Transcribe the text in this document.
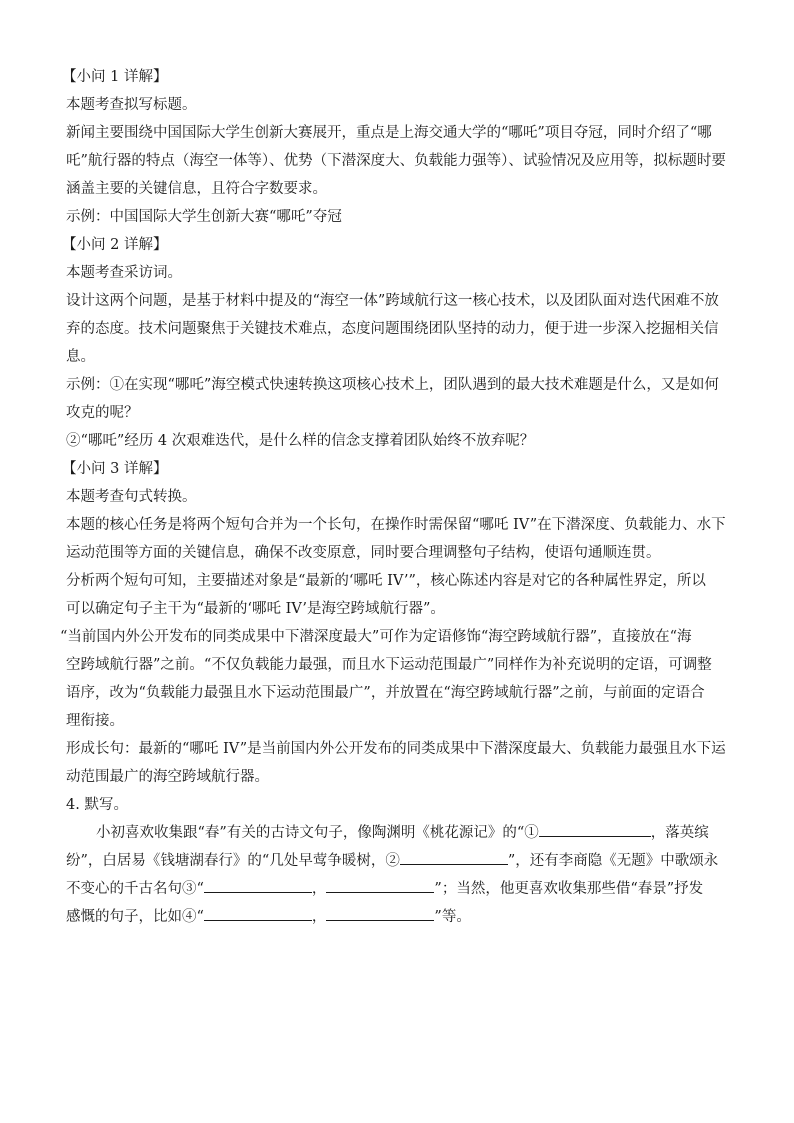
【小问 1 详解】
本题考查拟写标题。
新闻主要围绕中国国际大学生创新大赛展开，重点是上海交通大学的“哪吒”项目夺冠，同时介绍了“哪
吒”航行器的特点（海空一体等）、优势（下潜深度大、负载能力强等）、试验情况及应用等，拟标题时要
涵盖主要的关键信息，且符合字数要求。
示例：中国国际大学生创新大赛“哪吒”夺冠
【小问 2 详解】
本题考查采访词。
设计这两个问题，是基于材料中提及的“海空一体”跨域航行这一核心技术，以及团队面对迭代困难不放
弃的态度。技术问题聚焦于关键技术难点，态度问题围绕团队坚持的动力，便于进一步深入挖掘相关信
息。
示例：①在实现“哪吒”海空模式快速转换这项核心技术上，团队遇到的最大技术难题是什么，又是如何
攻克的呢？
②“哪吒”经历 4 次艰难迭代，是什么样的信念支撑着团队始终不放弃呢？
【小问 3 详解】
本题考查句式转换。
本题的核心任务是将两个短句合并为一个长句，在操作时需保留“哪吒 IV”在下潜深度、负载能力、水下
运动范围等方面的关键信息，确保不改变原意，同时要合理调整句子结构，使语句通顺连贯。
分析两个短句可知，主要描述对象是“最新的‘哪吒 IV’”，核心陈述内容是对它的各种属性界定，所以
可以确定句子主干为“最新的‘哪吒 IV’是海空跨域航行器”。
“当前国内外公开发布的同类成果中下潜深度最大”可作为定语修饰“海空跨域航行器”，直接放在“海
空跨域航行器”之前。“不仅负载能力最强，而且水下运动范围最广”同样作为补充说明的定语，可调整
语序，改为“负载能力最强且水下运动范围最广”，并放置在“海空跨域航行器”之前，与前面的定语合
理衔接。
形成长句：最新的“哪吒 IV”是当前国内外公开发布的同类成果中下潜深度最大、负载能力最强且水下运
动范围最广的海空跨域航行器。
4. 默写。
小初喜欢收集跟“春”有关的古诗文句子，像陶渊明《桃花源记》的“①	，落英缤
纷”，白居易《钱塘湖春行》的“几处早莺争暖树，②	”，还有李商隐《无题》中歌颂永
不变心的千古名句③“	，	”；当然，他更喜欢收集那些借“春景”抒发
感慨的句子，比如④“	，	”等。
